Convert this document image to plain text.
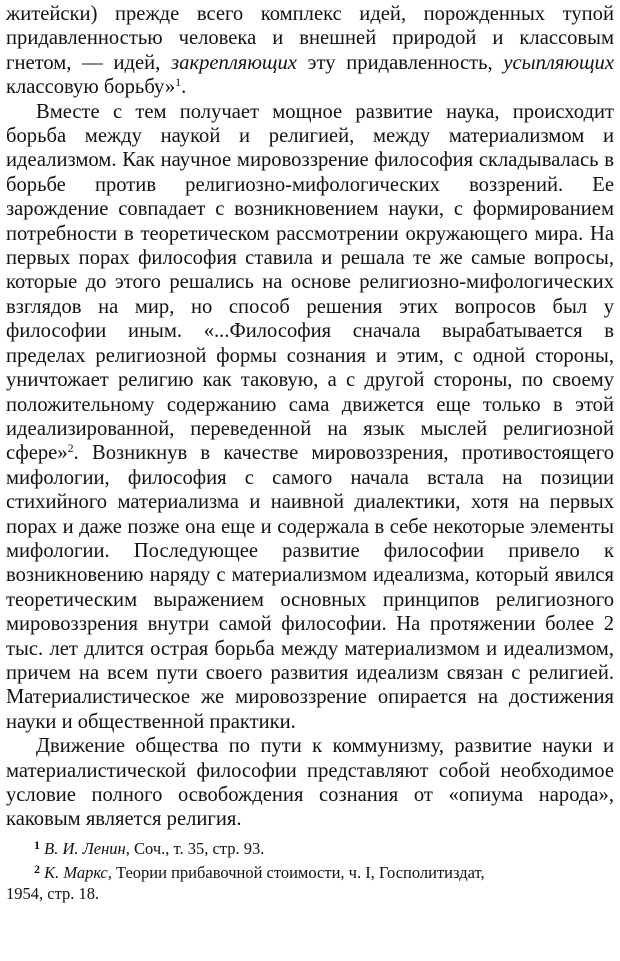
житейски) прежде всего комплекс идей, порожденных тупой придавленностью человека и внешней природой и классовым гнетом, — идей, закрепляющих эту придавленность, усыпляющих классовую борьбу»$^1$.

Вместе с тем получает мощное развитие наука, происходит борьба между наукой и религией, между материализмом и идеализмом. Как научное мировоззрение философия складывалась в борьбе против религиозно-мифологических воззрений. Ее зарождение совпадает с возникновением науки, с формированием потребности в теоретическом рассмотрении окружающего мира. На первых порах философия ставила и решала те же самые вопросы, которые до этого решались на основе религиозно-мифологических взглядов на мир, но способ решения этих вопросов был у философии иным. «...Философия сначала вырабатывается в пределах религиозной формы сознания и этим, с одной стороны, уничтожает религию как таковую, а с другой стороны, по своему положительному содержанию сама движется еще только в этой идеализированной, переведенной на язык мыслей религиозной сфере»$^2$. Возникнув в качестве мировоззрения, противостоящего мифологии, философия с самого начала встала на позиции стихийного материализма и наивной диалектики, хотя на первых порах и даже позже она еще и содержала в себе некоторые элементы мифологии. Последующее развитие философии привело к возникновению наряду с материализмом идеализма, который явился теоретическим выражением основных принципов религиозного мировоззрения внутри самой философии. На протяжении более 2 тыс. лет длится острая борьба между материализмом и идеализмом, причем на всем пути своего развития идеализм связан с религией. Материалистическое же мировоззрение опирается на достижения науки и общественной практики.

Движение общества по пути к коммунизму, развитие науки и материалистической философии представляют собой необходимое условие полного освобождения сознания от «опиума народа», каковым является религия.

$^1$ В. И. Ленин, Соч., т. 35, стр. 93.

$^2$ К. Маркс, Теории прибавочной стоимости, ч. I, Госполитиздат,

1954, стр. 18.
